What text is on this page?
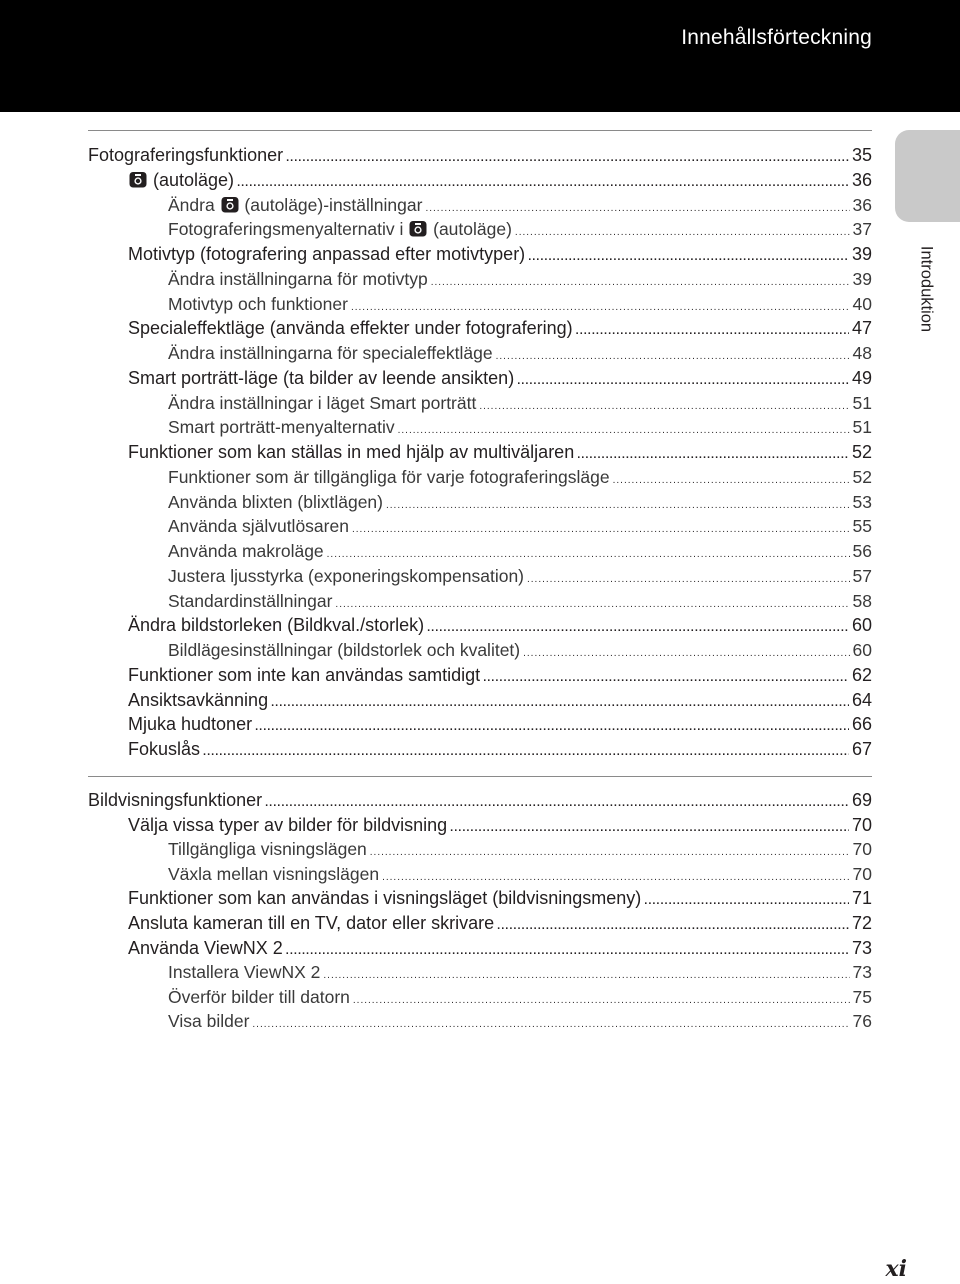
Innehållsförteckning
Introduktion
Fotograferingsfunktioner .....	35
(autoläge) .....	36
Ändra  (autoläge)-inställningar .....	36
Fotograferingsmenyalternativ i  (autoläge) .....	37
Motivtyp (fotografering anpassad efter motivtyper) .....	39
Ändra inställningarna för motivtyp .....	39
Motivtyp och funktioner .....	40
Specialeffektläge (använda effekter under fotografering) .....	47
Ändra inställningarna för specialeffektläge .....	48
Smart porträtt-läge (ta bilder av leende ansikten) .....	49
Ändra inställningar i läget Smart porträtt .....	51
Smart porträtt-menyalternativ .....	51
Funktioner som kan ställas in med hjälp av multiväljaren .....	52
Funktioner som är tillgängliga för varje fotograferingsläge .....	52
Använda blixten (blixtlägen) .....	53
Använda självutlösaren .....	55
Använda makroläge .....	56
Justera ljusstyrka (exponeringskompensation) .....	57
Standardinställningar .....	58
Ändra bildstorleken (Bildkval./storlek) .....	60
Bildlägesinställningar (bildstorlek och kvalitet) .....	60
Funktioner som inte kan användas samtidigt .....	62
Ansiktsavkänning .....	64
Mjuka hudtoner .....	66
Fokuslås .....	67
Bildvisningsfunktioner .....	69
Välja vissa typer av bilder för bildvisning .....	70
Tillgängliga visningslägen .....	70
Växla mellan visningslägen .....	70
Funktioner som kan användas i visningsläget (bildvisningsmeny) .....	71
Ansluta kameran till en TV, dator eller skrivare .....	72
Använda ViewNX 2 .....	73
Installera ViewNX 2 .....	73
Överför bilder till datorn .....	75
Visa bilder .....	76
xi
